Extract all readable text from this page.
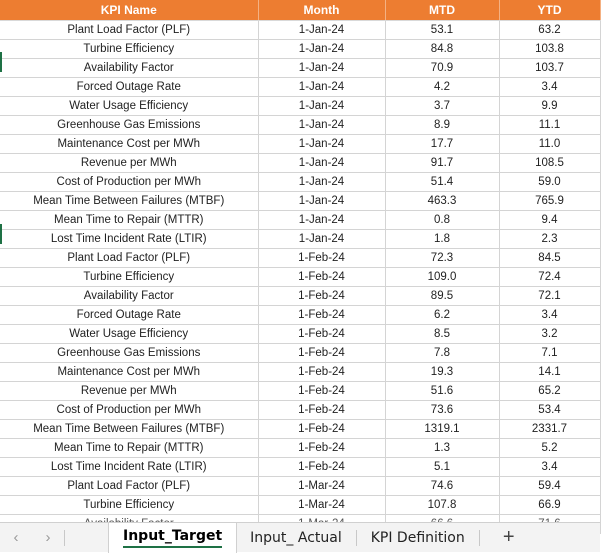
KPI Name	Month	MTD	YTD
Plant Load Factor (PLF)	1-Jan-24	53.1	63.2
Turbine Efficiency	1-Jan-24	84.8	103.8
Availability Factor	1-Jan-24	70.9	103.7
Forced Outage Rate	1-Jan-24	4.2	3.4
Water Usage Efficiency	1-Jan-24	3.7	9.9
Greenhouse Gas Emissions	1-Jan-24	8.9	11.1
Maintenance Cost per MWh	1-Jan-24	17.7	11.0
Revenue per MWh	1-Jan-24	91.7	108.5
Cost of Production per MWh	1-Jan-24	51.4	59.0
Mean Time Between Failures (MTBF)	1-Jan-24	463.3	765.9
Mean Time to Repair (MTTR)	1-Jan-24	0.8	9.4
Lost Time Incident Rate (LTIR)	1-Jan-24	1.8	2.3
Plant Load Factor (PLF)	1-Feb-24	72.3	84.5
Turbine Efficiency	1-Feb-24	109.0	72.4
Availability Factor	1-Feb-24	89.5	72.1
Forced Outage Rate	1-Feb-24	6.2	3.4
Water Usage Efficiency	1-Feb-24	8.5	3.2
Greenhouse Gas Emissions	1-Feb-24	7.8	7.1
Maintenance Cost per MWh	1-Feb-24	19.3	14.1
Revenue per MWh	1-Feb-24	51.6	65.2
Cost of Production per MWh	1-Feb-24	73.6	53.4
Mean Time Between Failures (MTBF)	1-Feb-24	1319.1	2331.7
Mean Time to Repair (MTTR)	1-Feb-24	1.3	5.2
Lost Time Incident Rate (LTIR)	1-Feb-24	5.1	3.4
Plant Load Factor (PLF)	1-Mar-24	74.6	59.4
Turbine Efficiency	1-Mar-24	107.8	66.9

‹	›	Input_Target Input_ Actual KPI Definition	+
